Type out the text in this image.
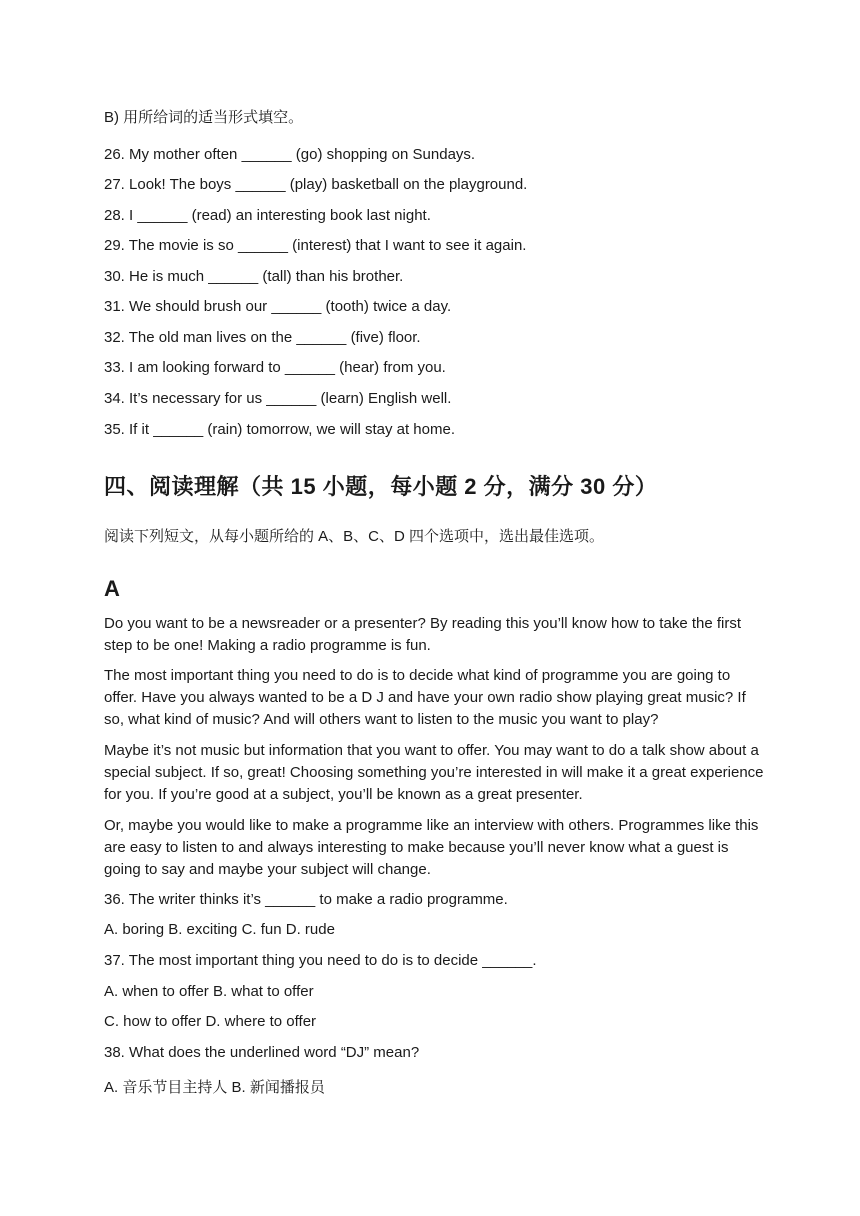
B) 用所给词的适当形式填空。
26. My mother often ______ (go) shopping on Sundays.
27. Look! The boys ______ (play) basketball on the playground.
28. I ______ (read) an interesting book last night.
29. The movie is so ______ (interest) that I want to see it again.
30. He is much ______ (tall) than his brother.
31. We should brush our ______ (tooth) twice a day.
32. The old man lives on the ______ (five) floor.
33. I am looking forward to ______ (hear) from you.
34. It’s necessary for us ______ (learn) English well.
35. If it ______ (rain) tomorrow, we will stay at home.
四、阅读理解（共 15 小题，每小题 2 分，满分 30 分）
阅读下列短文，从每小题所给的 A、B、C、D 四个选项中，选出最佳选项。
A
Do you want to be a newsreader or a presenter? By reading this you’ll know how to take the first step to be one! Making a radio programme is fun.
The most important thing you need to do is to decide what kind of programme you are going to offer. Have you always wanted to be a D J and have your own radio show playing great music? If so, what kind of music? And will others want to listen to the music you want to play?
Maybe it’s not music but information that you want to offer. You may want to do a talk show about a special subject. If so, great! Choosing something you’re interested in will make it a great experience for you. If you’re good at a subject, you’ll be known as a great presenter.
Or, maybe you would like to make a programme like an interview with others. Programmes like this are easy to listen to and always interesting to make because you’ll never know what a guest is going to say and maybe your subject will change.
36. The writer thinks it’s ______ to make a radio programme.
A. boring B. exciting C. fun D. rude
37. The most important thing you need to do is to decide ______.
A. when to offer B. what to offer
C. how to offer D. where to offer
38. What does the underlined word “DJ” mean?
A. 音乐节目主持人 B. 新闻播报员
